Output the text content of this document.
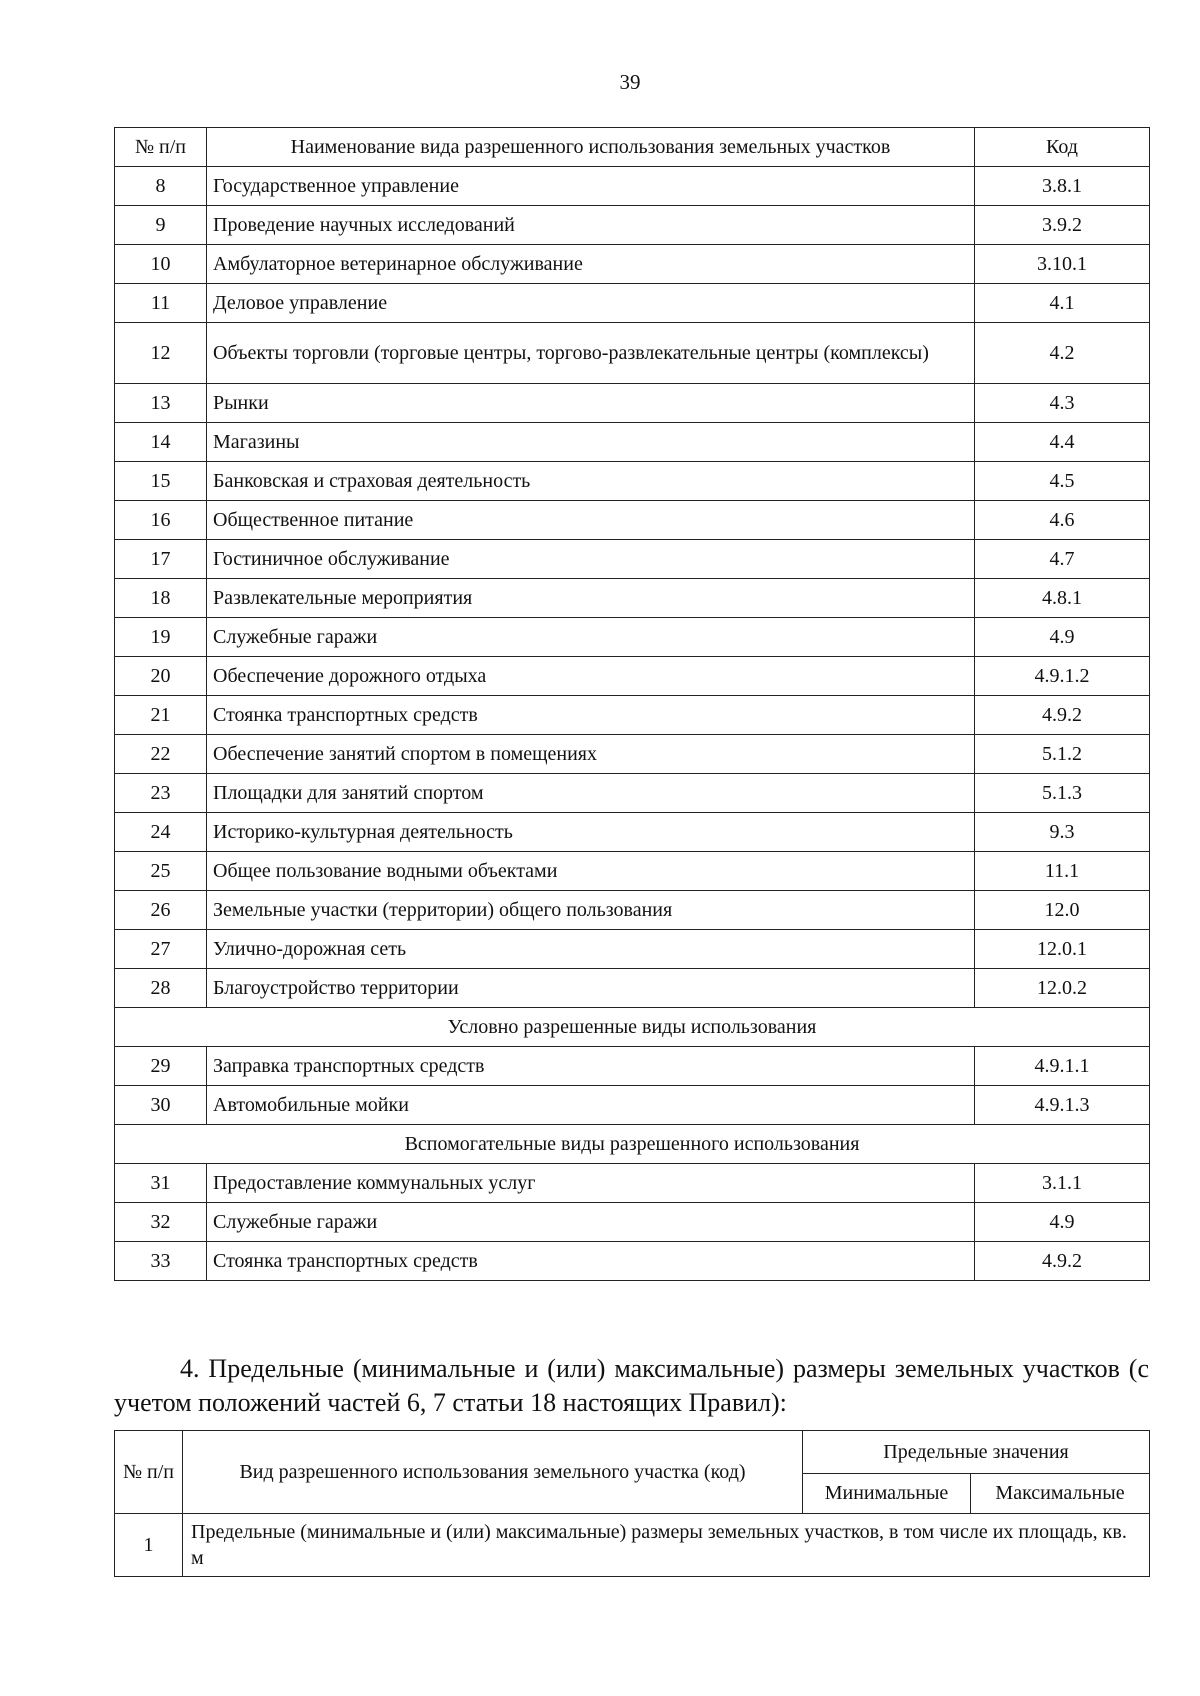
39
№ п/п	Наименование вида разрешенного использования земельных участков	Код
8	Государственное управление	3.8.1
9	Проведение научных исследований	3.9.2
10	Амбулаторное ветеринарное обслуживание	3.10.1
11	Деловое управление	4.1
12	Объекты торговли (торговые центры, торгово-развлекательные центры (комплексы)	4.2
13	Рынки	4.3
14	Магазины	4.4
15	Банковская и страховая деятельность	4.5
16	Общественное питание	4.6
17	Гостиничное обслуживание	4.7
18	Развлекательные мероприятия	4.8.1
19	Служебные гаражи	4.9
20	Обеспечение дорожного отдыха	4.9.1.2
21	Стоянка транспортных средств	4.9.2
22	Обеспечение занятий спортом в помещениях	5.1.2
23	Площадки для занятий спортом	5.1.3
24	Историко-культурная деятельность	9.3
25	Общее пользование водными объектами	11.1
26	Земельные участки (территории) общего пользования	12.0
27	Улично-дорожная сеть	12.0.1
28	Благоустройство территории	12.0.2
Условно разрешенные виды использования		
29	Заправка транспортных средств	4.9.1.1
30	Автомобильные мойки	4.9.1.3
Вспомогательные виды разрешенного использования		
31	Предоставление коммунальных услуг	3.1.1
32	Служебные гаражи	4.9
33	Стоянка транспортных средств	4.9.2
4. Предельные (минимальные и (или) максимальные) размеры земельных участков (с учетом положений частей 6, 7 статьи 18 настоящих Правил):
№ п/п	Вид разрешенного использования земельного участка (код)	Предельные значения	
		Минимальные	Максимальные
1	Предельные (минимальные и (или) максимальные) размеры земельных участков, в том числе их площадь, кв. м		
